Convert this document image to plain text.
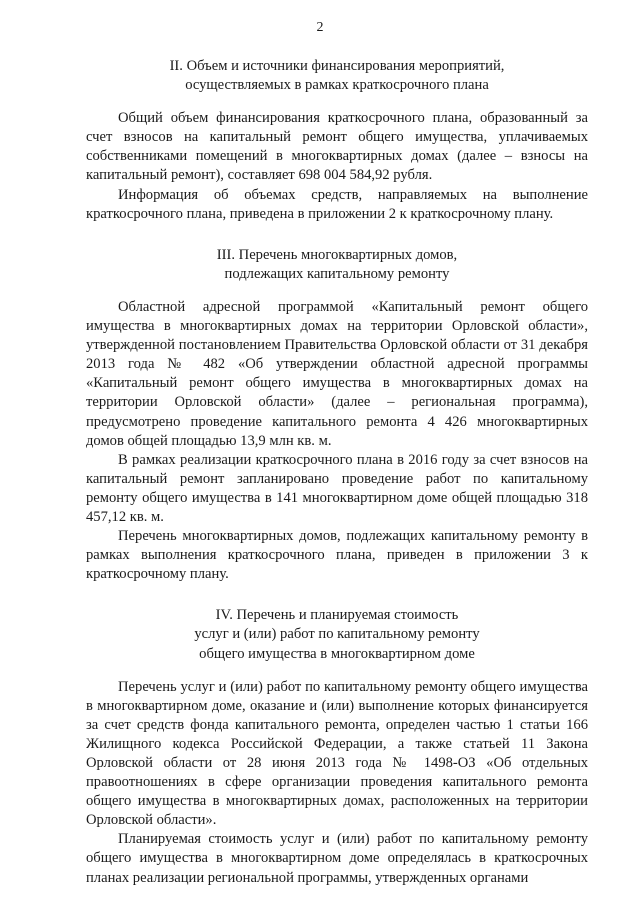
2

II. Объем и источники финансирования мероприятий,

осуществляемых в рамках краткосрочного плана

Общий объем финансирования краткосрочного плана, образованный за счет взносов на капитальный ремонт общего имущества, уплачиваемых собственниками помещений в многоквартирных домах (далее – взносы на капитальный ремонт), составляет 698 004 584,92 рубля.

Информация об объемах средств, направляемых на выполнение краткосрочного плана, приведена в приложении 2 к краткосрочному плану.

III. Перечень многоквартирных домов,

подлежащих капитальному ремонту

Областной адресной программой «Капитальный ремонт общего имущества в многоквартирных домах на территории Орловской области», утвержденной постановлением Правительства Орловской области от 31 декабря 2013 года № 482 «Об утверждении областной адресной программы «Капитальный ремонт общего имущества в многоквартирных домах на территории Орловской области» (далее – региональная программа), предусмотрено проведение капитального ремонта 4 426 многоквартирных домов общей площадью 13,9 млн кв. м.

В рамках реализации краткосрочного плана в 2016 году за счет взносов на капитальный ремонт запланировано проведение работ по капитальному ремонту общего имущества в 141 многоквартирном доме общей площадью 318 457,12 кв. м.

Перечень многоквартирных домов, подлежащих капитальному ремонту в рамках выполнения краткосрочного плана, приведен в приложении 3 к краткосрочному плану.

IV. Перечень и планируемая стоимость

услуг и (или) работ по капитальному ремонту

общего имущества в многоквартирном доме

Перечень услуг и (или) работ по капитальному ремонту общего имущества в многоквартирном доме, оказание и (или) выполнение которых финансируется за счет средств фонда капитального ремонта, определен частью 1 статьи 166 Жилищного кодекса Российской Федерации, а также статьей 11 Закона Орловской области от 28 июня 2013 года № 1498-ОЗ «Об отдельных правоотношениях в сфере организации проведения капитального ремонта общего имущества в многоквартирных домах, расположенных на территории Орловской области».

Планируемая стоимость услуг и (или) работ по капитальному ремонту общего имущества в многоквартирном доме определялась в краткосрочных планах реализации региональной программы, утвержденных органами
